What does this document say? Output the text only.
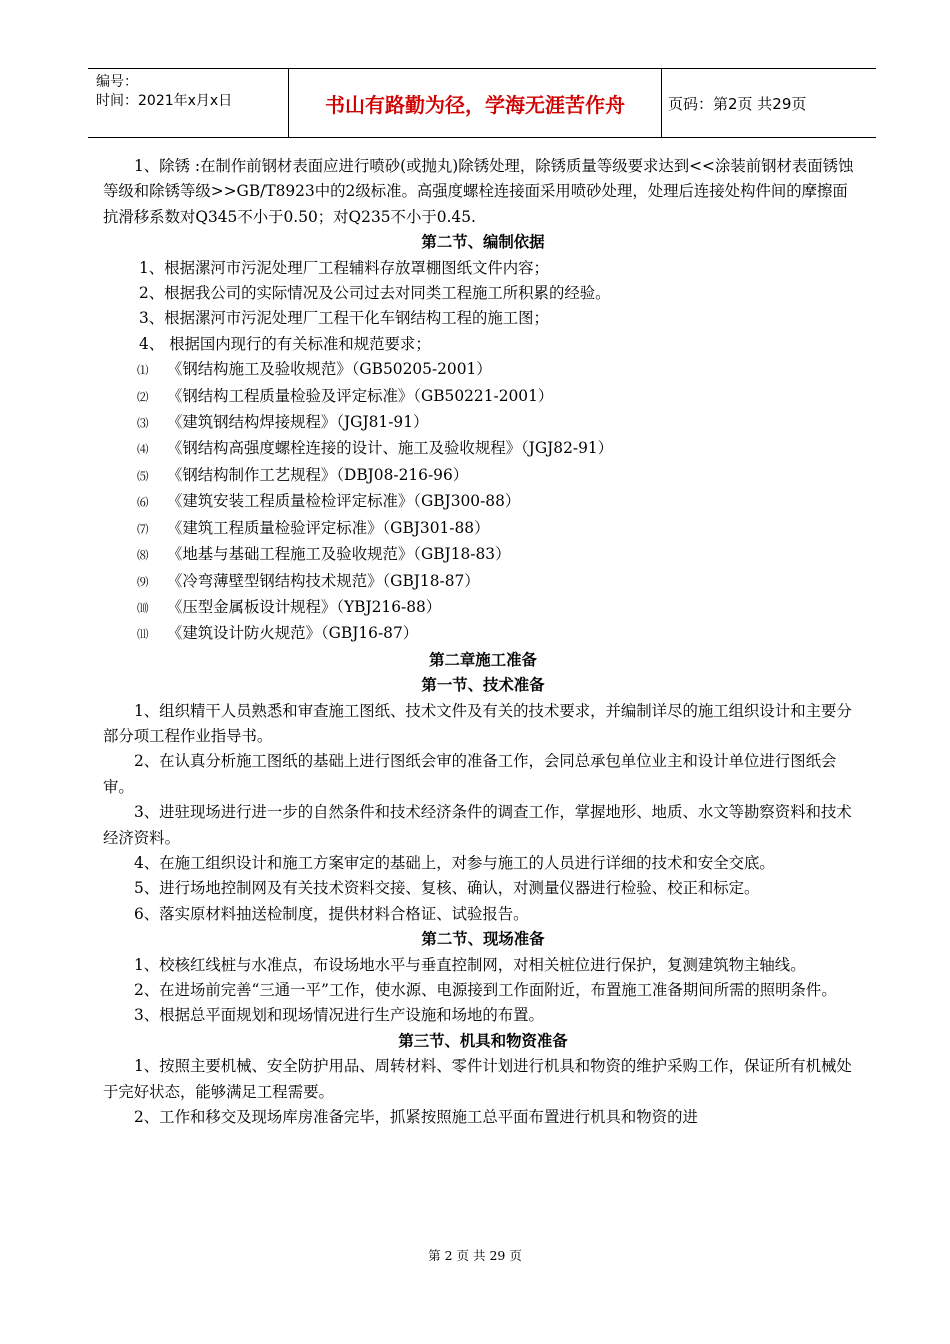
编号：
时间：2021年x月x日	书山有路勤为径，学海无涯苦作舟	页码：第2页 共29页

1、除锈 :在制作前钢材表面应进行喷砂(或抛丸)除锈处理，除锈质量等级要求达到<<涂装前钢材表面锈蚀等级和除锈等级>>GB/T8923中的2级标准。高强度螺栓连接面采用喷砂处理，处理后连接处构件间的摩擦面抗滑移系数对Q345不小于0.50；对Q235不小于0.45.

第二节、编制依据

1、根据漯河市污泥处理厂工程辅料存放罩棚图纸文件内容；

2、根据我公司的实际情况及公司过去对同类工程施工所积累的经验。

3、根据漯河市污泥处理厂工程干化车钢结构工程的施工图；

4、 根据国内现行的有关标准和规范要求；

⑴ 《钢结构施工及验收规范》（GB50205-2001）

⑵ 《钢结构工程质量检验及评定标准》（GB50221-2001）

⑶ 《建筑钢结构焊接规程》（JGJ81-91）

⑷ 《钢结构高强度螺栓连接的设计、施工及验收规程》（JGJ82-91）

⑸ 《钢结构制作工艺规程》（DBJ08-216-96）

⑹ 《建筑安装工程质量检检评定标准》（GBJ300-88）

⑺ 《建筑工程质量检验评定标准》（GBJ301-88）

⑻ 《地基与基础工程施工及验收规范》（GBJ18-83）

⑼ 《冷弯薄壁型钢结构技术规范》（GBJ18-87）

⑽ 《压型金属板设计规程》（YBJ216-88）

⑾ 《建筑设计防火规范》（GBJ16-87）

第二章施工准备

第一节、技术准备

1、组织精干人员熟悉和审查施工图纸、技术文件及有关的技术要求，并编制详尽的施工组织设计和主要分部分项工程作业指导书。

2、在认真分析施工图纸的基础上进行图纸会审的准备工作，会同总承包单位业主和设计单位进行图纸会审。

3、进驻现场进行进一步的自然条件和技术经济条件的调查工作，掌握地形、地质、水文等勘察资料和技术经济资料。

4、在施工组织设计和施工方案审定的基础上，对参与施工的人员进行详细的技术和安全交底。

5、进行场地控制网及有关技术资料交接、复核、确认，对测量仪器进行检验、校正和标定。

6、落实原材料抽送检制度，提供材料合格证、试验报告。

第二节、现场准备

1、校核红线桩与水准点，布设场地水平与垂直控制网，对相关桩位进行保护，复测建筑物主轴线。

2、在进场前完善“三通一平”工作，使水源、电源接到工作面附近，布置施工准备期间所需的照明条件。

3、根据总平面规划和现场情况进行生产设施和场地的布置。

第三节、机具和物资准备

1、按照主要机械、安全防护用品、周转材料、零件计划进行机具和物资的维护采购工作，保证所有机械处于完好状态，能够满足工程需要。

2、工作和移交及现场库房准备完毕，抓紧按照施工总平面布置进行机具和物资的进

第 2 页 共 29 页
